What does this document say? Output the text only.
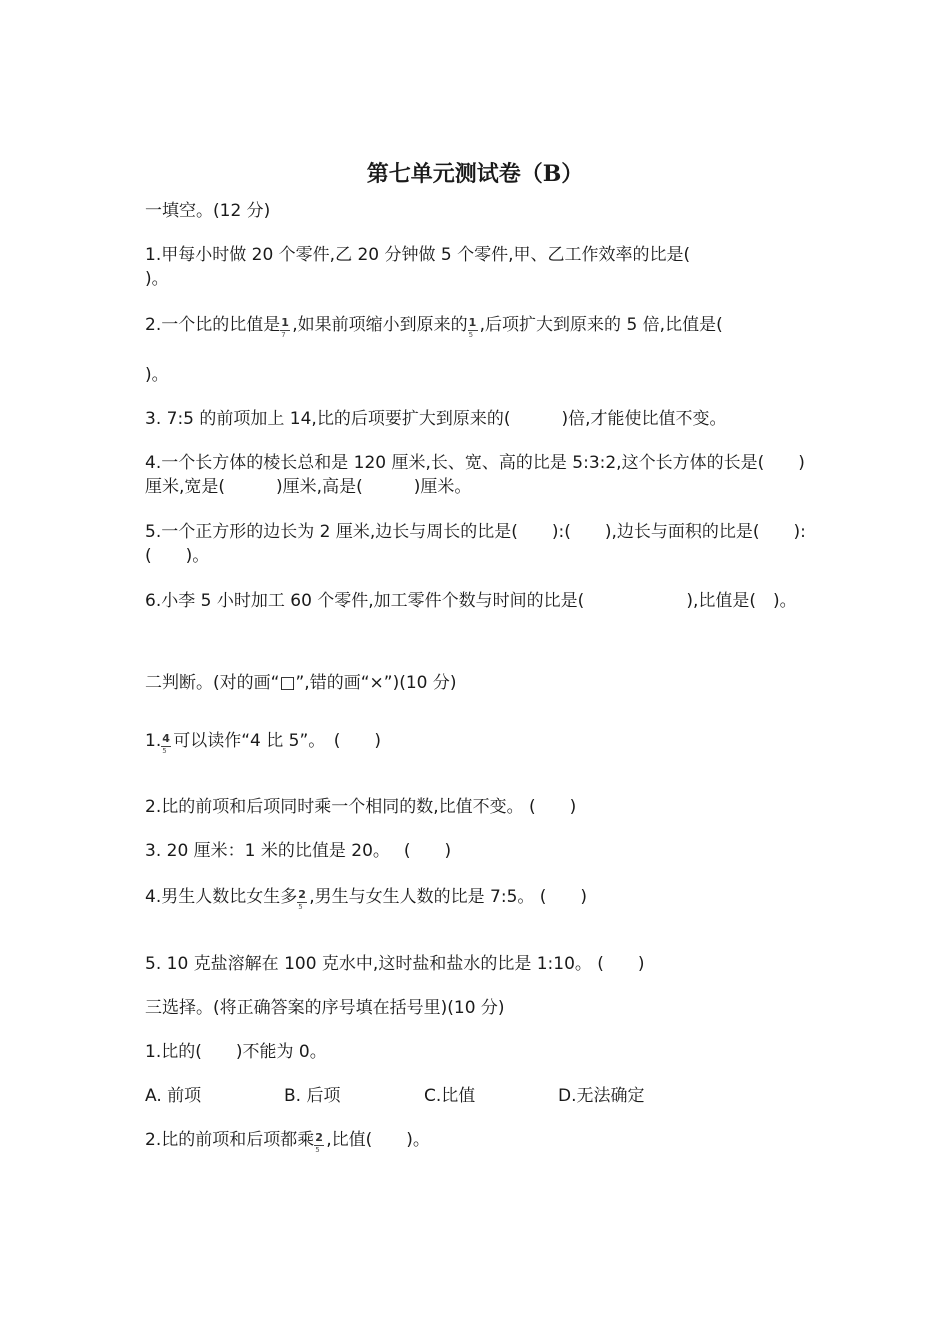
第七单元测试卷（B）
一填空。(12 分)
1.甲每小时做 20 个零件,乙 20 分钟做 5 个零件,甲、乙工作效率的比是(
)。
2.一个比的比值是 $\frac{1}{7}$ ,如果前项缩小到原来的 $\frac{1}{5}$ ,后项扩大到原来的 5 倍,比值是(
)。
3. 7:5 的前项加上 14,比的后项要扩大到原来的(　　　)倍,才能使比值不变。
4.一个长方体的棱长总和是 120 厘米,长、宽、高的比是 5:3:2,这个长方体的长是(　　)厘米,宽是(　　　)厘米,高是(　　　)厘米。
5.一个正方形的边长为 2 厘米,边长与周长的比是(　　):(　　),边长与面积的比是(　　):(　　)。
6.小李 5 小时加工 60 个零件,加工零件个数与时间的比是(　　　　　　),比值是(　)。
二判断。(对的画“□”,错的画“×”)(10 分)
1. $\frac{4}{5}$ 可以读作“4 比 5”。　(　　)
2.比的前项和后项同时乘一个相同的数,比值不变。 (　　)
3. 20 厘米：1 米的比值是 20。　 (　　)
4.男生人数比女生多 $\frac{2}{5}$ ,男生与女生人数的比是 7:5。 (　　)
5. 10 克盐溶解在 100 克水中,这时盐和盐水的比是 1:10。 (　　)
三选择。(将正确答案的序号填在括号里)(10 分)
1.比的(　　)不能为 0。
A. 前项	B. 后项	C.比值	D.无法确定
2.比的前项和后项都乘 $\frac{2}{5}$ ,比值(　　)。
